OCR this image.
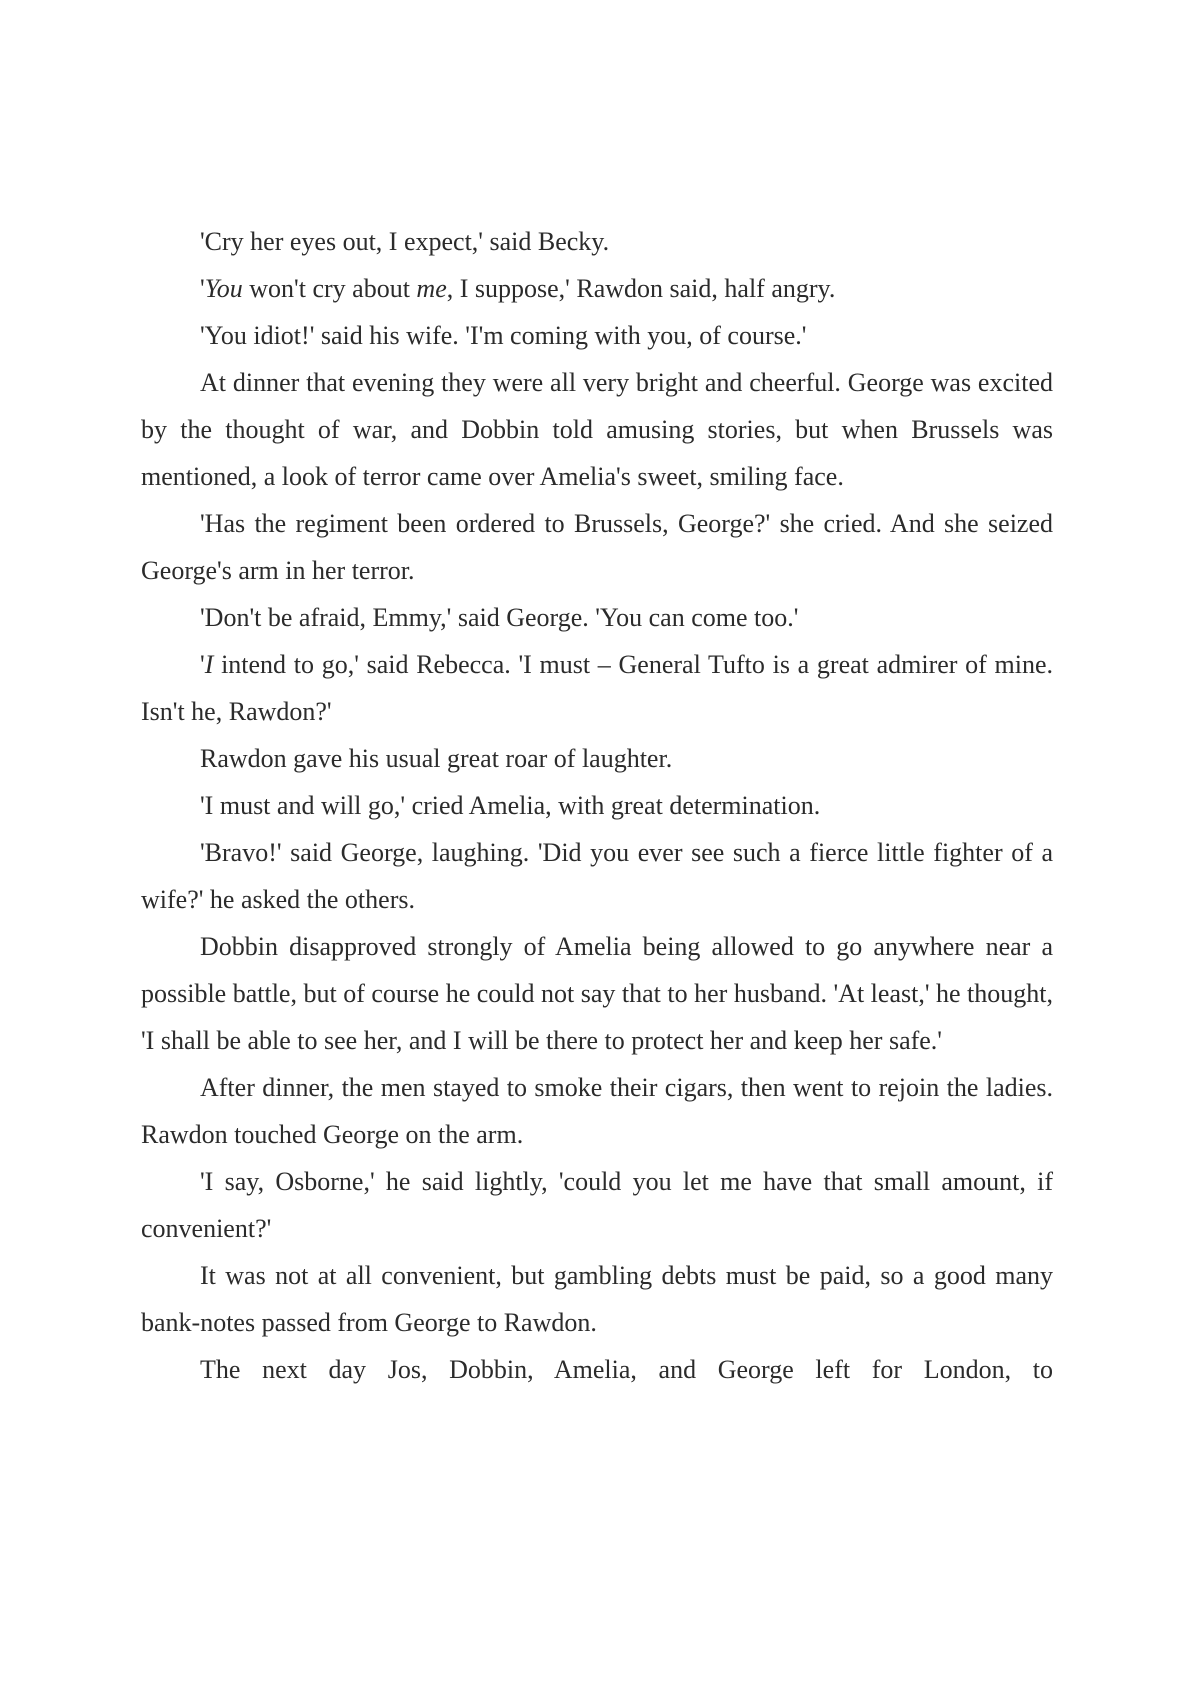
'Cry her eyes out, I expect,' said Becky.

'You won't cry about me, I suppose,' Rawdon said, half angry.

'You idiot!' said his wife. 'I'm coming with you, of course.'

At dinner that evening they were all very bright and cheerful. George was excited by the thought of war, and Dobbin told amusing stories, but when Brussels was mentioned, a look of terror came over Amelia's sweet, smiling face.

'Has the regiment been ordered to Brussels, George?' she cried. And she seized George's arm in her terror.

'Don't be afraid, Emmy,' said George. 'You can come too.'

'I intend to go,' said Rebecca. 'I must – General Tufto is a great admirer of mine. Isn't he, Rawdon?'

Rawdon gave his usual great roar of laughter.

'I must and will go,' cried Amelia, with great determination.

'Bravo!' said George, laughing. 'Did you ever see such a fierce little fighter of a wife?' he asked the others.

Dobbin disapproved strongly of Amelia being allowed to go anywhere near a possible battle, but of course he could not say that to her husband. 'At least,' he thought, 'I shall be able to see her, and I will be there to protect her and keep her safe.'

After dinner, the men stayed to smoke their cigars, then went to rejoin the ladies. Rawdon touched George on the arm.

'I say, Osborne,' he said lightly, 'could you let me have that small amount, if convenient?'

It was not at all convenient, but gambling debts must be paid, so a good many bank-notes passed from George to Rawdon.

The next day Jos, Dobbin, Amelia, and George left for London, to
